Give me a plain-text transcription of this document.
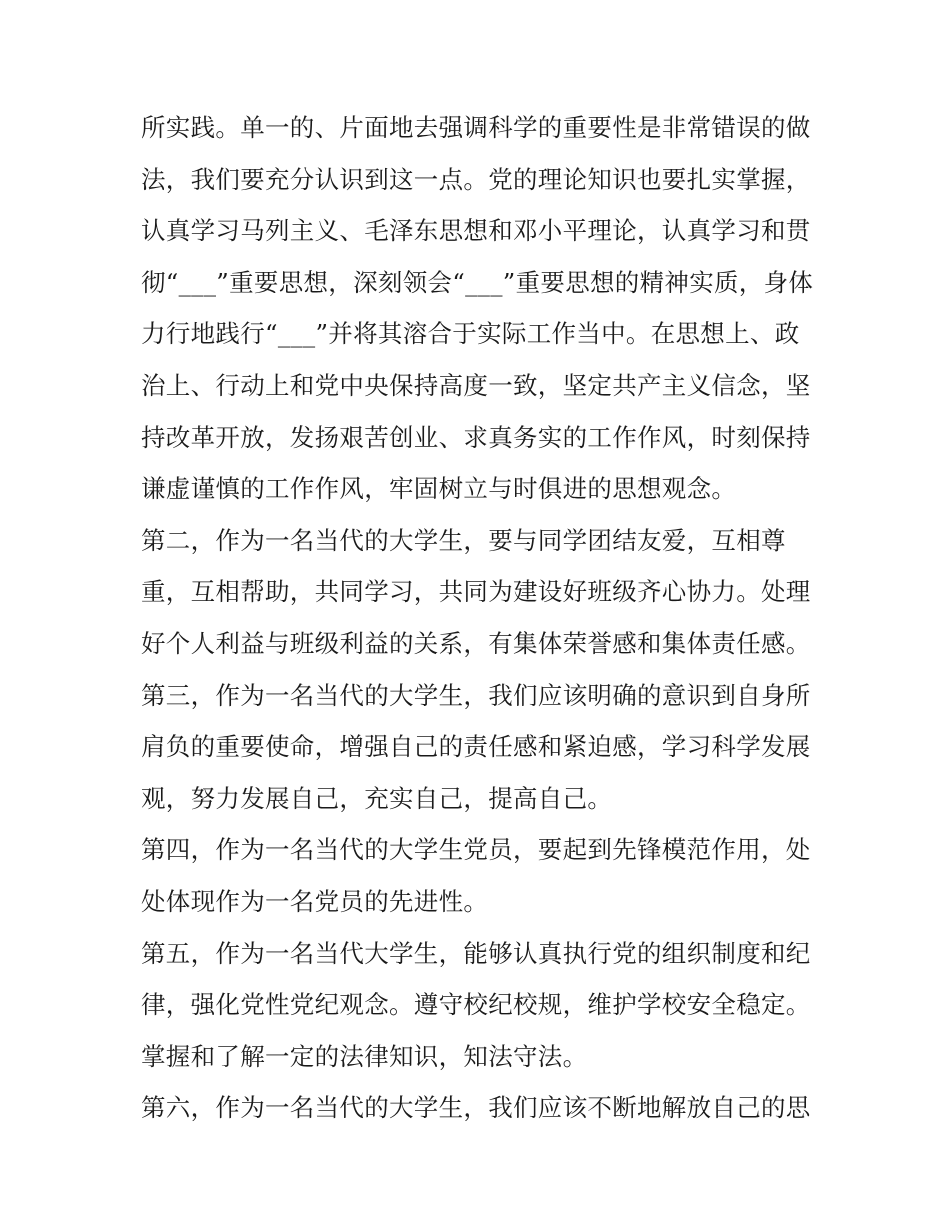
所实践。单一的、片面地去强调科学的重要性是非常错误的做
法，我们要充分认识到这一点。党的理论知识也要扎实掌握，
认真学习马列主义、毛泽东思想和邓小平理论，认真学习和贯
彻“___”重要思想，深刻领会“___”重要思想的精神实质，身体
力行地践行“___”并将其溶合于实际工作当中。在思想上、政
治上、行动上和党中央保持高度一致，坚定共产主义信念，坚
持改革开放，发扬艰苦创业、求真务实的工作作风，时刻保持
谦虚谨慎的工作作风，牢固树立与时俱进的思想观念。
第二，作为一名当代的大学生，要与同学团结友爱，互相尊
重，互相帮助，共同学习，共同为建设好班级齐心协力。处理
好个人利益与班级利益的关系，有集体荣誉感和集体责任感。
第三，作为一名当代的大学生，我们应该明确的意识到自身所
肩负的重要使命，增强自己的责任感和紧迫感，学习科学发展
观，努力发展自己，充实自己，提高自己。
第四，作为一名当代的大学生党员，要起到先锋模范作用，处
处体现作为一名党员的先进性。
第五，作为一名当代大学生，能够认真执行党的组织制度和纪
律，强化党性党纪观念。遵守校纪校规，维护学校安全稳定。
掌握和了解一定的法律知识，知法守法。
第六，作为一名当代的大学生，我们应该不断地解放自己的思
